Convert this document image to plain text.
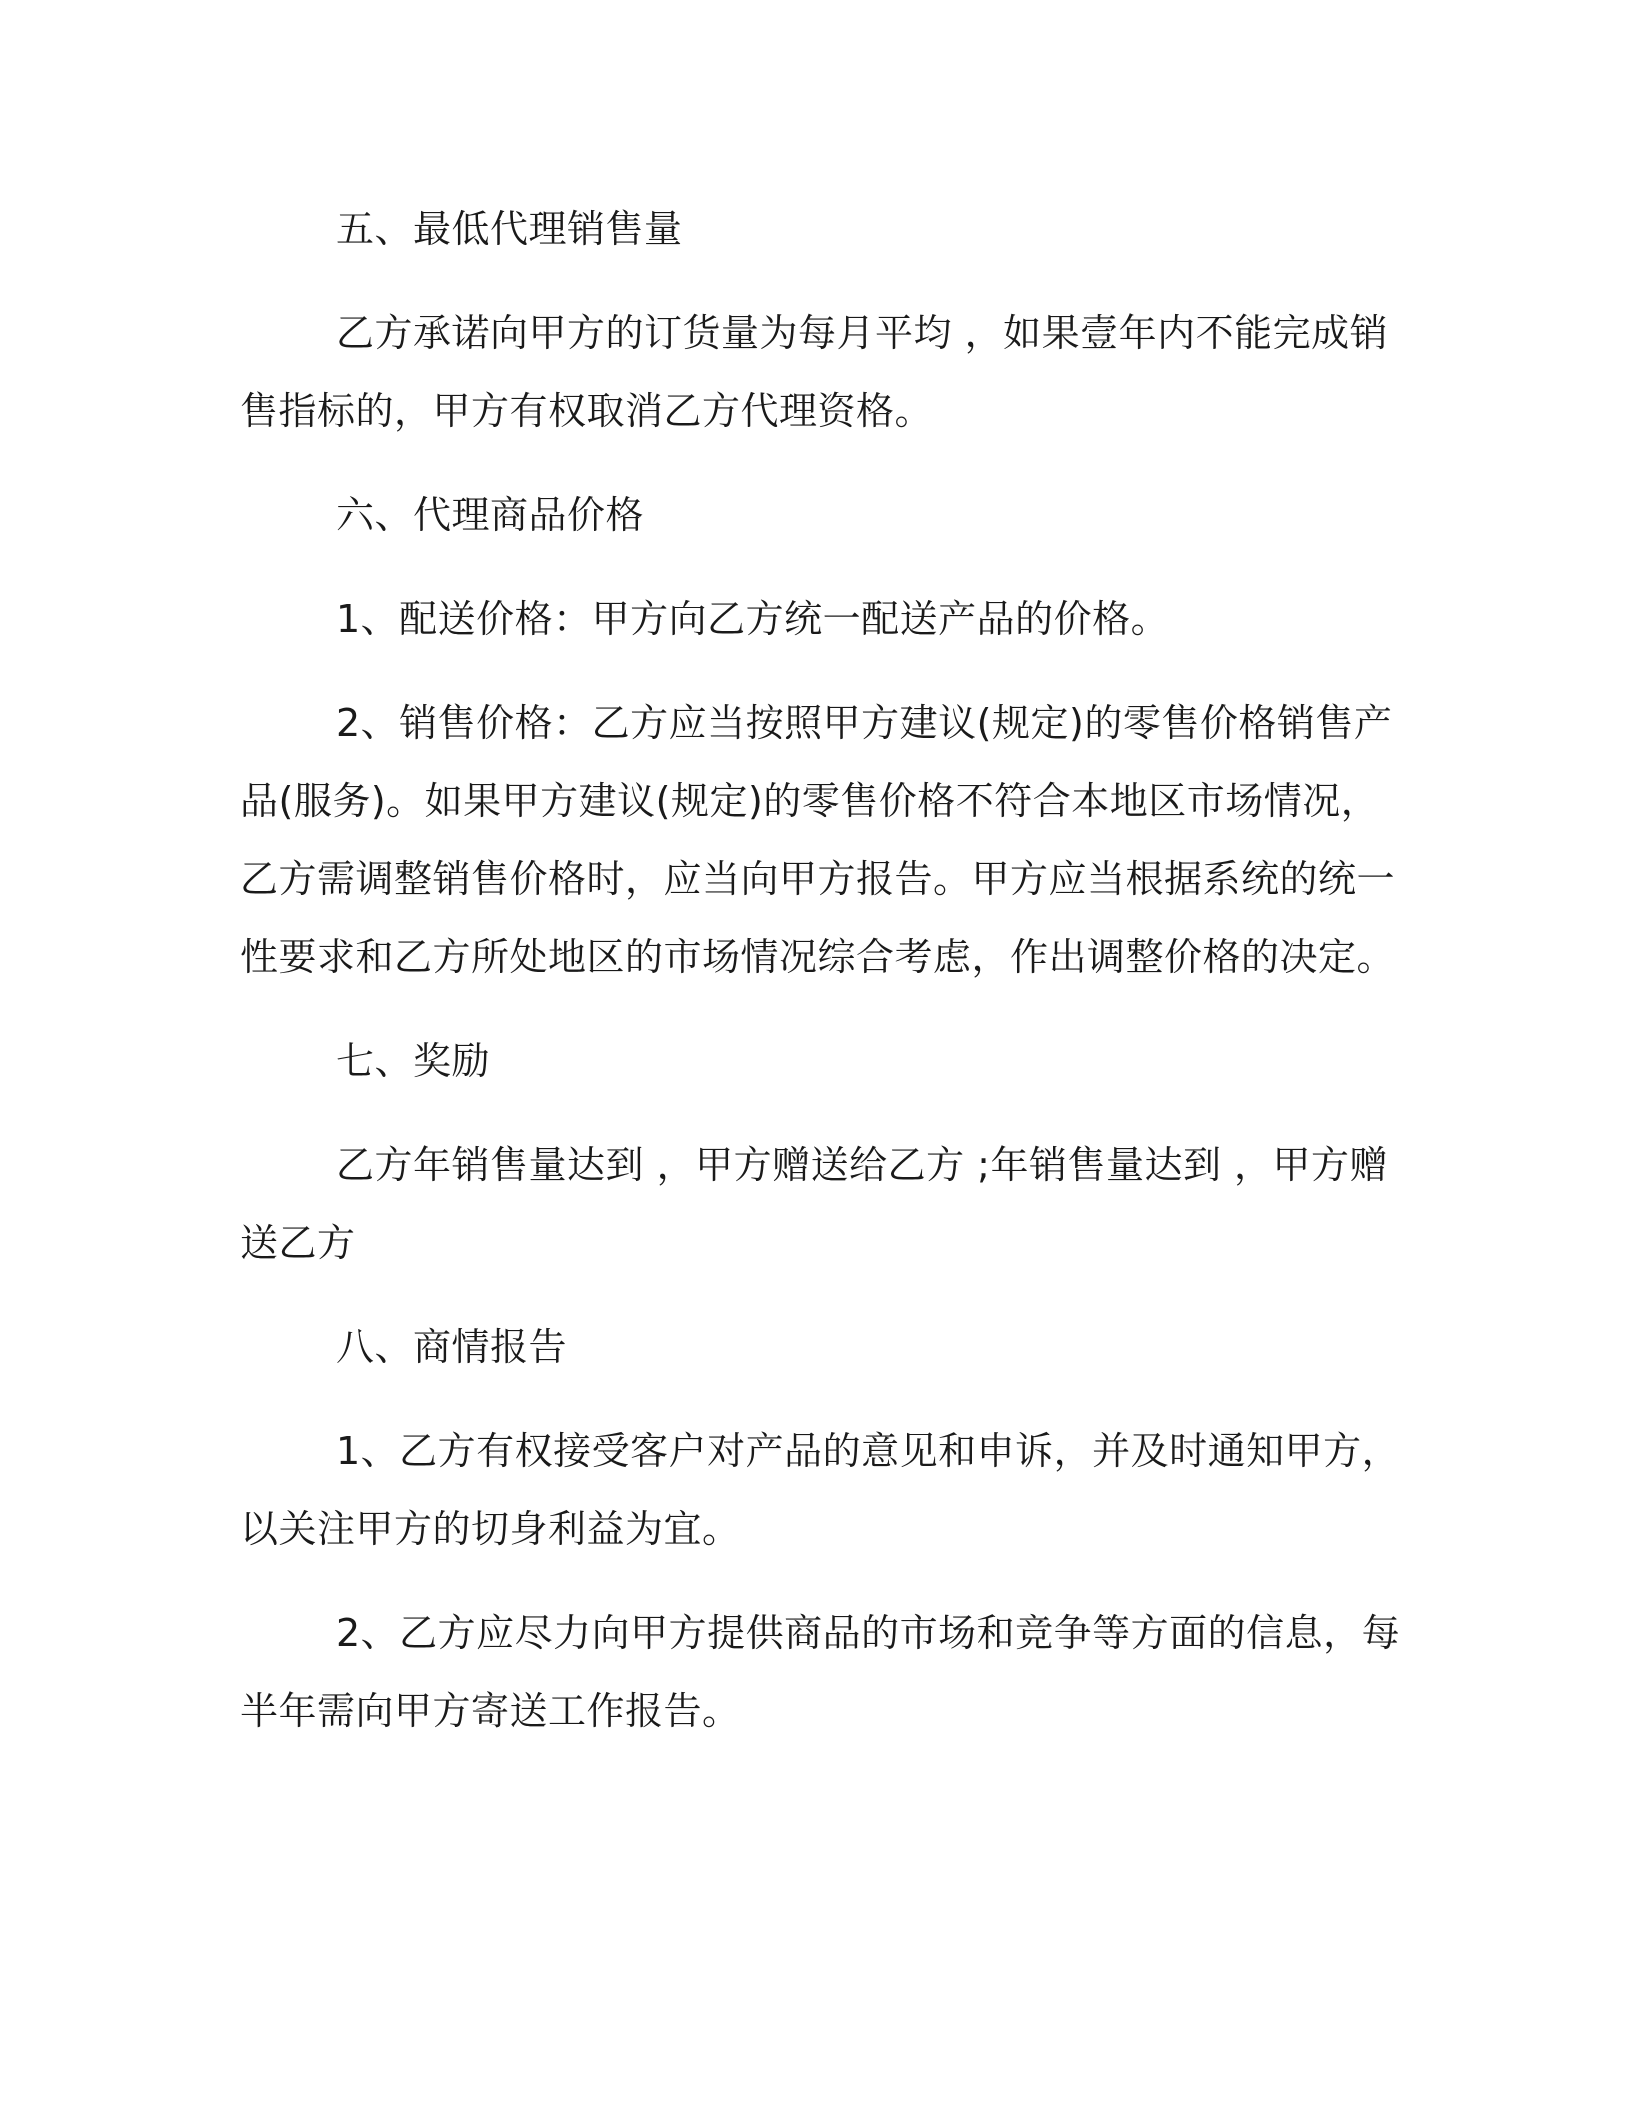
五、最低代理销售量

乙方承诺向甲方的订货量为每月平均 ，如果壹年内不能完成销售指标的，甲方有权取消乙方代理资格。

六、代理商品价格

1、配送价格：甲方向乙方统一配送产品的价格。

2、销售价格：乙方应当按照甲方建议(规定)的零售价格销售产品(服务)。如果甲方建议(规定)的零售价格不符合本地区市场情况，乙方需调整销售价格时，应当向甲方报告。甲方应当根据系统的统一性要求和乙方所处地区的市场情况综合考虑，作出调整价格的决定。

七、奖励

乙方年销售量达到 ，甲方赠送给乙方 ;年销售量达到 ，甲方赠送乙方

八、商情报告

1、乙方有权接受客户对产品的意见和申诉，并及时通知甲方，以关注甲方的切身利益为宜。

2、乙方应尽力向甲方提供商品的市场和竞争等方面的信息，每半年需向甲方寄送工作报告。
